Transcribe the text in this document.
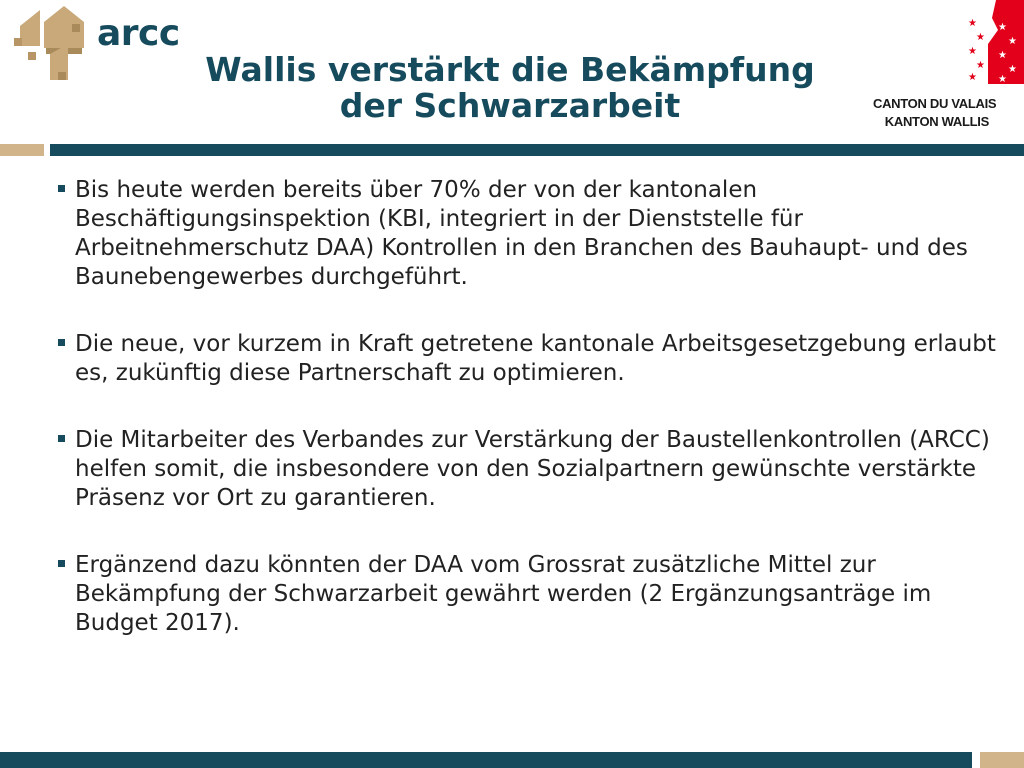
arcc
Wallis verstärkt die Bekämpfung
der Schwarzarbeit
★
★
★
★
★
★
★
★
★
★
CANTON DU VALAIS
KANTON WALLIS
Bis heute werden bereits über 70% der von der kantonalen Beschäftigungsinspektion (KBI, integriert in der Dienststelle für Arbeitnehmerschutz DAA) Kontrollen in den Branchen des Bauhaupt- und des Baunebengewerbes durchgeführt.
Die neue, vor kurzem in Kraft getretene kantonale Arbeitsgesetzgebung erlaubt es, zukünftig diese Partnerschaft zu optimieren.
Die Mitarbeiter des Verbandes zur Verstärkung der Baustellenkontrollen (ARCC) helfen somit, die insbesondere von den Sozialpartnern gewünschte verstärkte Präsenz vor Ort zu garantieren.
Ergänzend dazu könnten der DAA vom Grossrat zusätzliche Mittel zur Bekämpfung der Schwarzarbeit gewährt werden (2 Ergänzungsanträge im Budget 2017).
